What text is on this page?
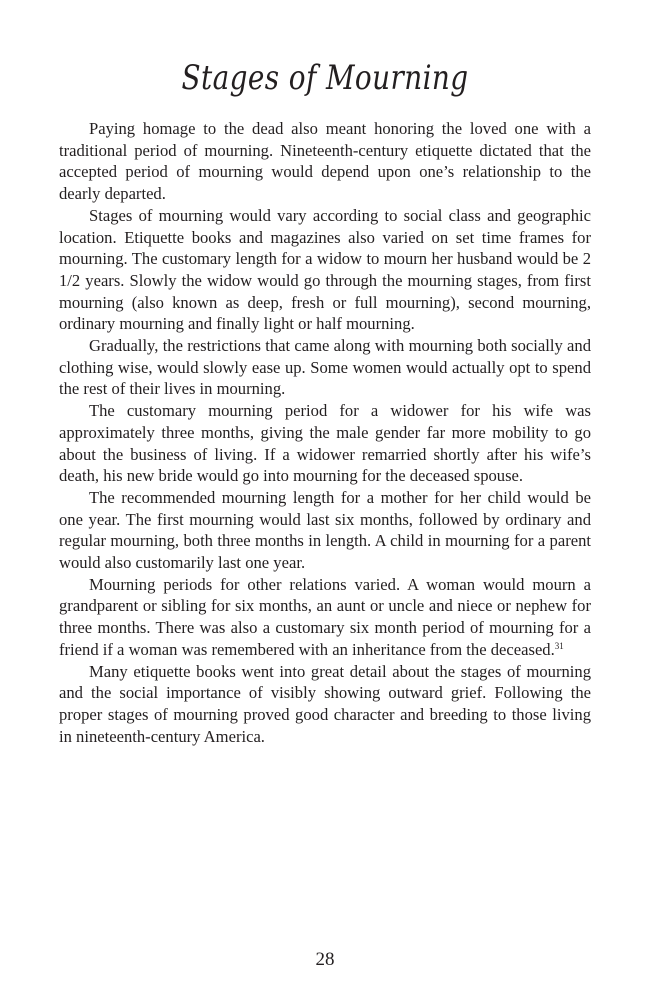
Stages of Mourning

Paying homage to the dead also meant honoring the loved one with a traditional period of mourning. Nineteenth-century etiquette dictated that the accepted period of mourning would depend upon one’s relationship to the dearly departed.

Stages of mourning would vary according to social class and geographic location. Etiquette books and magazines also varied on set time frames for mourning. The customary length for a widow to mourn her husband would be 2 1/2 years. Slowly the widow would go through the mourning stages, from first mourning (also known as deep, fresh or full mourning), second mourning, ordinary mourning and finally light or half mourning.

Gradually, the restrictions that came along with mourning both socially and clothing wise, would slowly ease up. Some women would actually opt to spend the rest of their lives in mourning.

The customary mourning period for a widower for his wife was approximately three months, giving the male gender far more mobility to go about the business of living. If a widower remarried shortly after his wife’s death, his new bride would go into mourning for the deceased spouse.

The recommended mourning length for a mother for her child would be one year. The first mourning would last six months, followed by ordinary and regular mourning, both three months in length. A child in mourning for a parent would also customarily last one year.

Mourning periods for other relations varied. A woman would mourn a grandparent or sibling for six months, an aunt or uncle and niece or nephew for three months. There was also a customary six month period of mourning for a friend if a woman was remembered with an inheritance from the deceased.$^{31}$

Many etiquette books went into great detail about the stages of mourning and the social importance of visibly showing outward grief. Following the proper stages of mourning proved good character and breeding to those living in nineteenth-century America.

28
